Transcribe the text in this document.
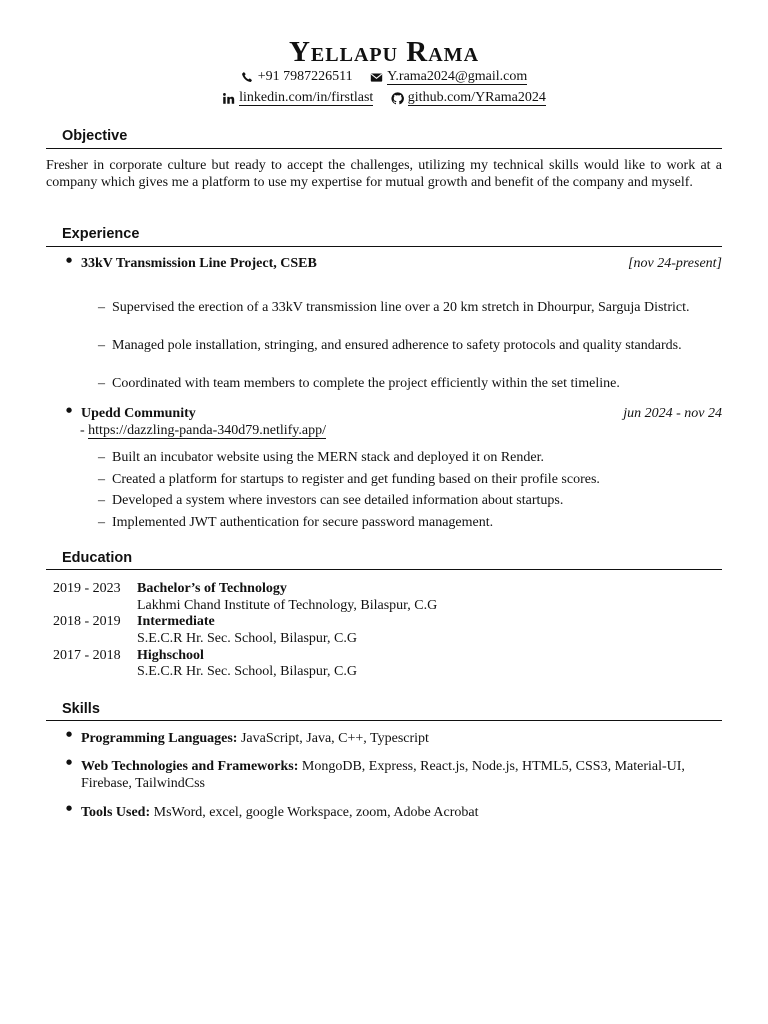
Yellapu Rama
+91 7987226511
Y.rama2024@gmail.com
linkedin.com/in/firstlast
github.com/YRama2024
Objective
Fresher in corporate culture but ready to accept the challenges, utilizing my technical skills would like to work at a company which gives me a platform to use my expertise for mutual growth and benefit of the company and myself.
Experience
●
33kV Transmission Line Project, CSEB	[nov 24-present]
– Supervised the erection of a 33kV transmission line over a 20 km stretch in Dhourpur, Sarguja District.
– Managed pole installation, stringing, and ensured adherence to safety protocols and quality standards.
– Coordinated with team members to complete the project efficiently within the set timeline.
●
Upedd Community	jun 2024 - nov 24
- https://dazzling-panda-340d79.netlify.app/
– Built an incubator website using the MERN stack and deployed it on Render.
– Created a platform for startups to register and get funding based on their profile scores.
– Developed a system where investors can see detailed information about startups.
– Implemented JWT authentication for secure password management.
Education
2019 - 2023 Bachelor’s of Technology
Lakhmi Chand Institute of Technology, Bilaspur, C.G
2018 - 2019 Intermediate
S.E.C.R Hr. Sec. School, Bilaspur, C.G
2017 - 2018 Highschool
S.E.C.R Hr. Sec. School, Bilaspur, C.G
Skills
●
Programming Languages: JavaScript, Java, C++, Typescript
●
Web Technologies and Frameworks: MongoDB, Express, React.js, Node.js, HTML5, CSS3, Material-UI, Firebase, TailwindCss
●
Tools Used: MsWord, excel, google Workspace, zoom, Adobe Acrobat
